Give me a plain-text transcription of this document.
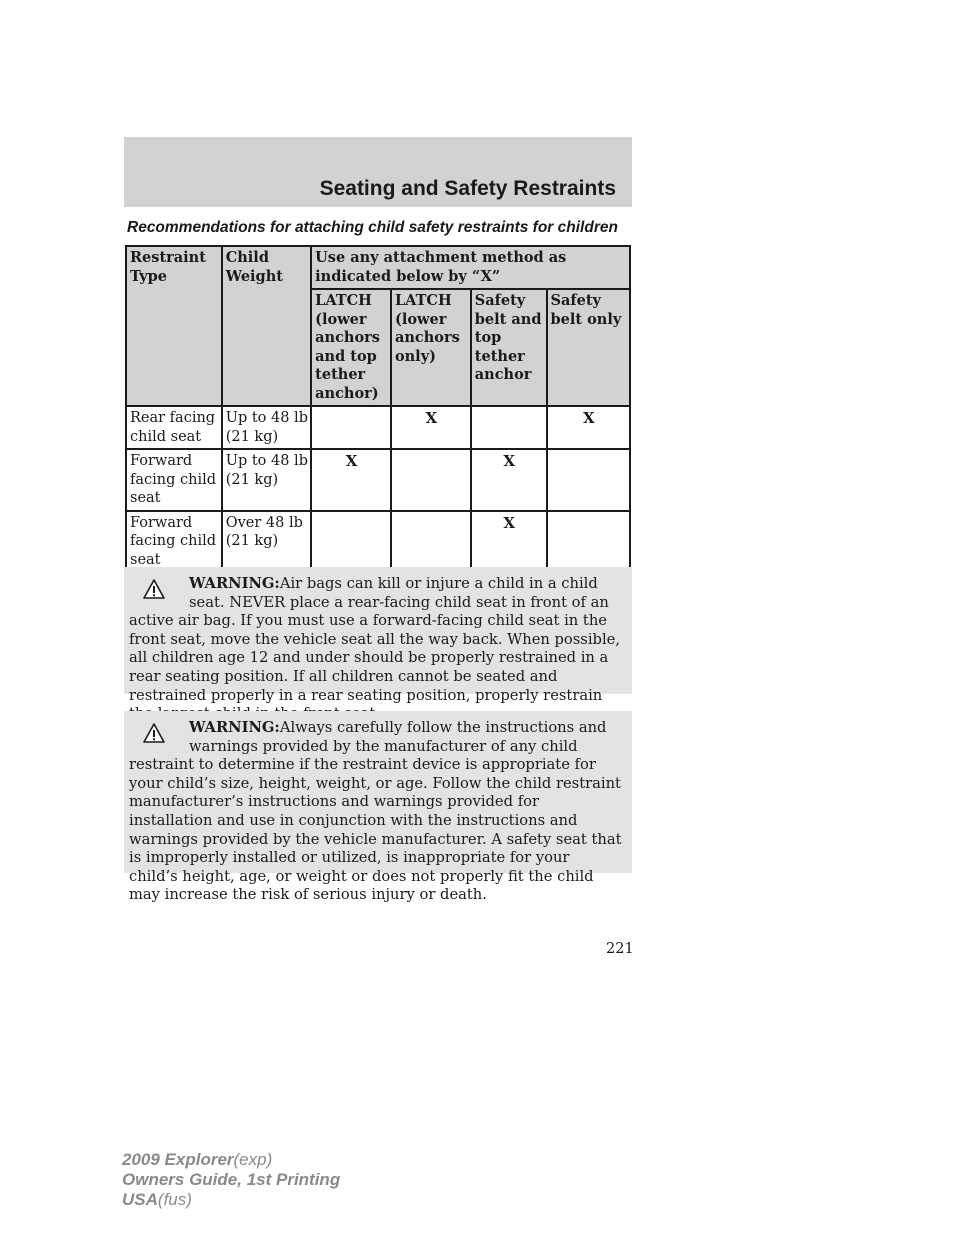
Seating and Safety Restraints
Recommendations for attaching child safety restraints for children
Restraint Type	Child Weight	Use any attachment method as indicated below by “X”			
		LATCH (lower anchors and top tether anchor)	LATCH (lower anchors only)	Safety belt and top tether anchor	Safety belt only
Rear facing child seat	Up to 48 lb (21 kg)		X		X
Forward facing child seat	Up to 48 lb (21 kg)	X		X	
Forward facing child seat	Over 48 lb (21 kg)			X	
WARNING:Air bags can kill or injure a child in a child seat. NEVER place a rear-facing child seat in front of an active air bag. If you must use a forward-facing child seat in the front seat, move the vehicle seat all the way back. When possible, all children age 12 and under should be properly restrained in a rear seating position. If all children cannot be seated and restrained properly in a rear seating position, properly restrain
WARNING:Always carefully follow the instructions and warnings provided by the manufacturer of any child restraint to determine if the restraint device is appropriate for your child’s size, height, weight, or age. Follow the child restraint manufacturer’s instructions and warnings provided for installation and use in conjunction with the instructions and warnings provided by the vehicle manufacturer. A safety seat that is improperly installed or utilized, is inappropriate for your child’s height, age, or weight or does not properly fit the child may increase the risk of serious injury or death.
221
2009 Explorer(exp)
Owners Guide, 1st Printing
USA(fus)
